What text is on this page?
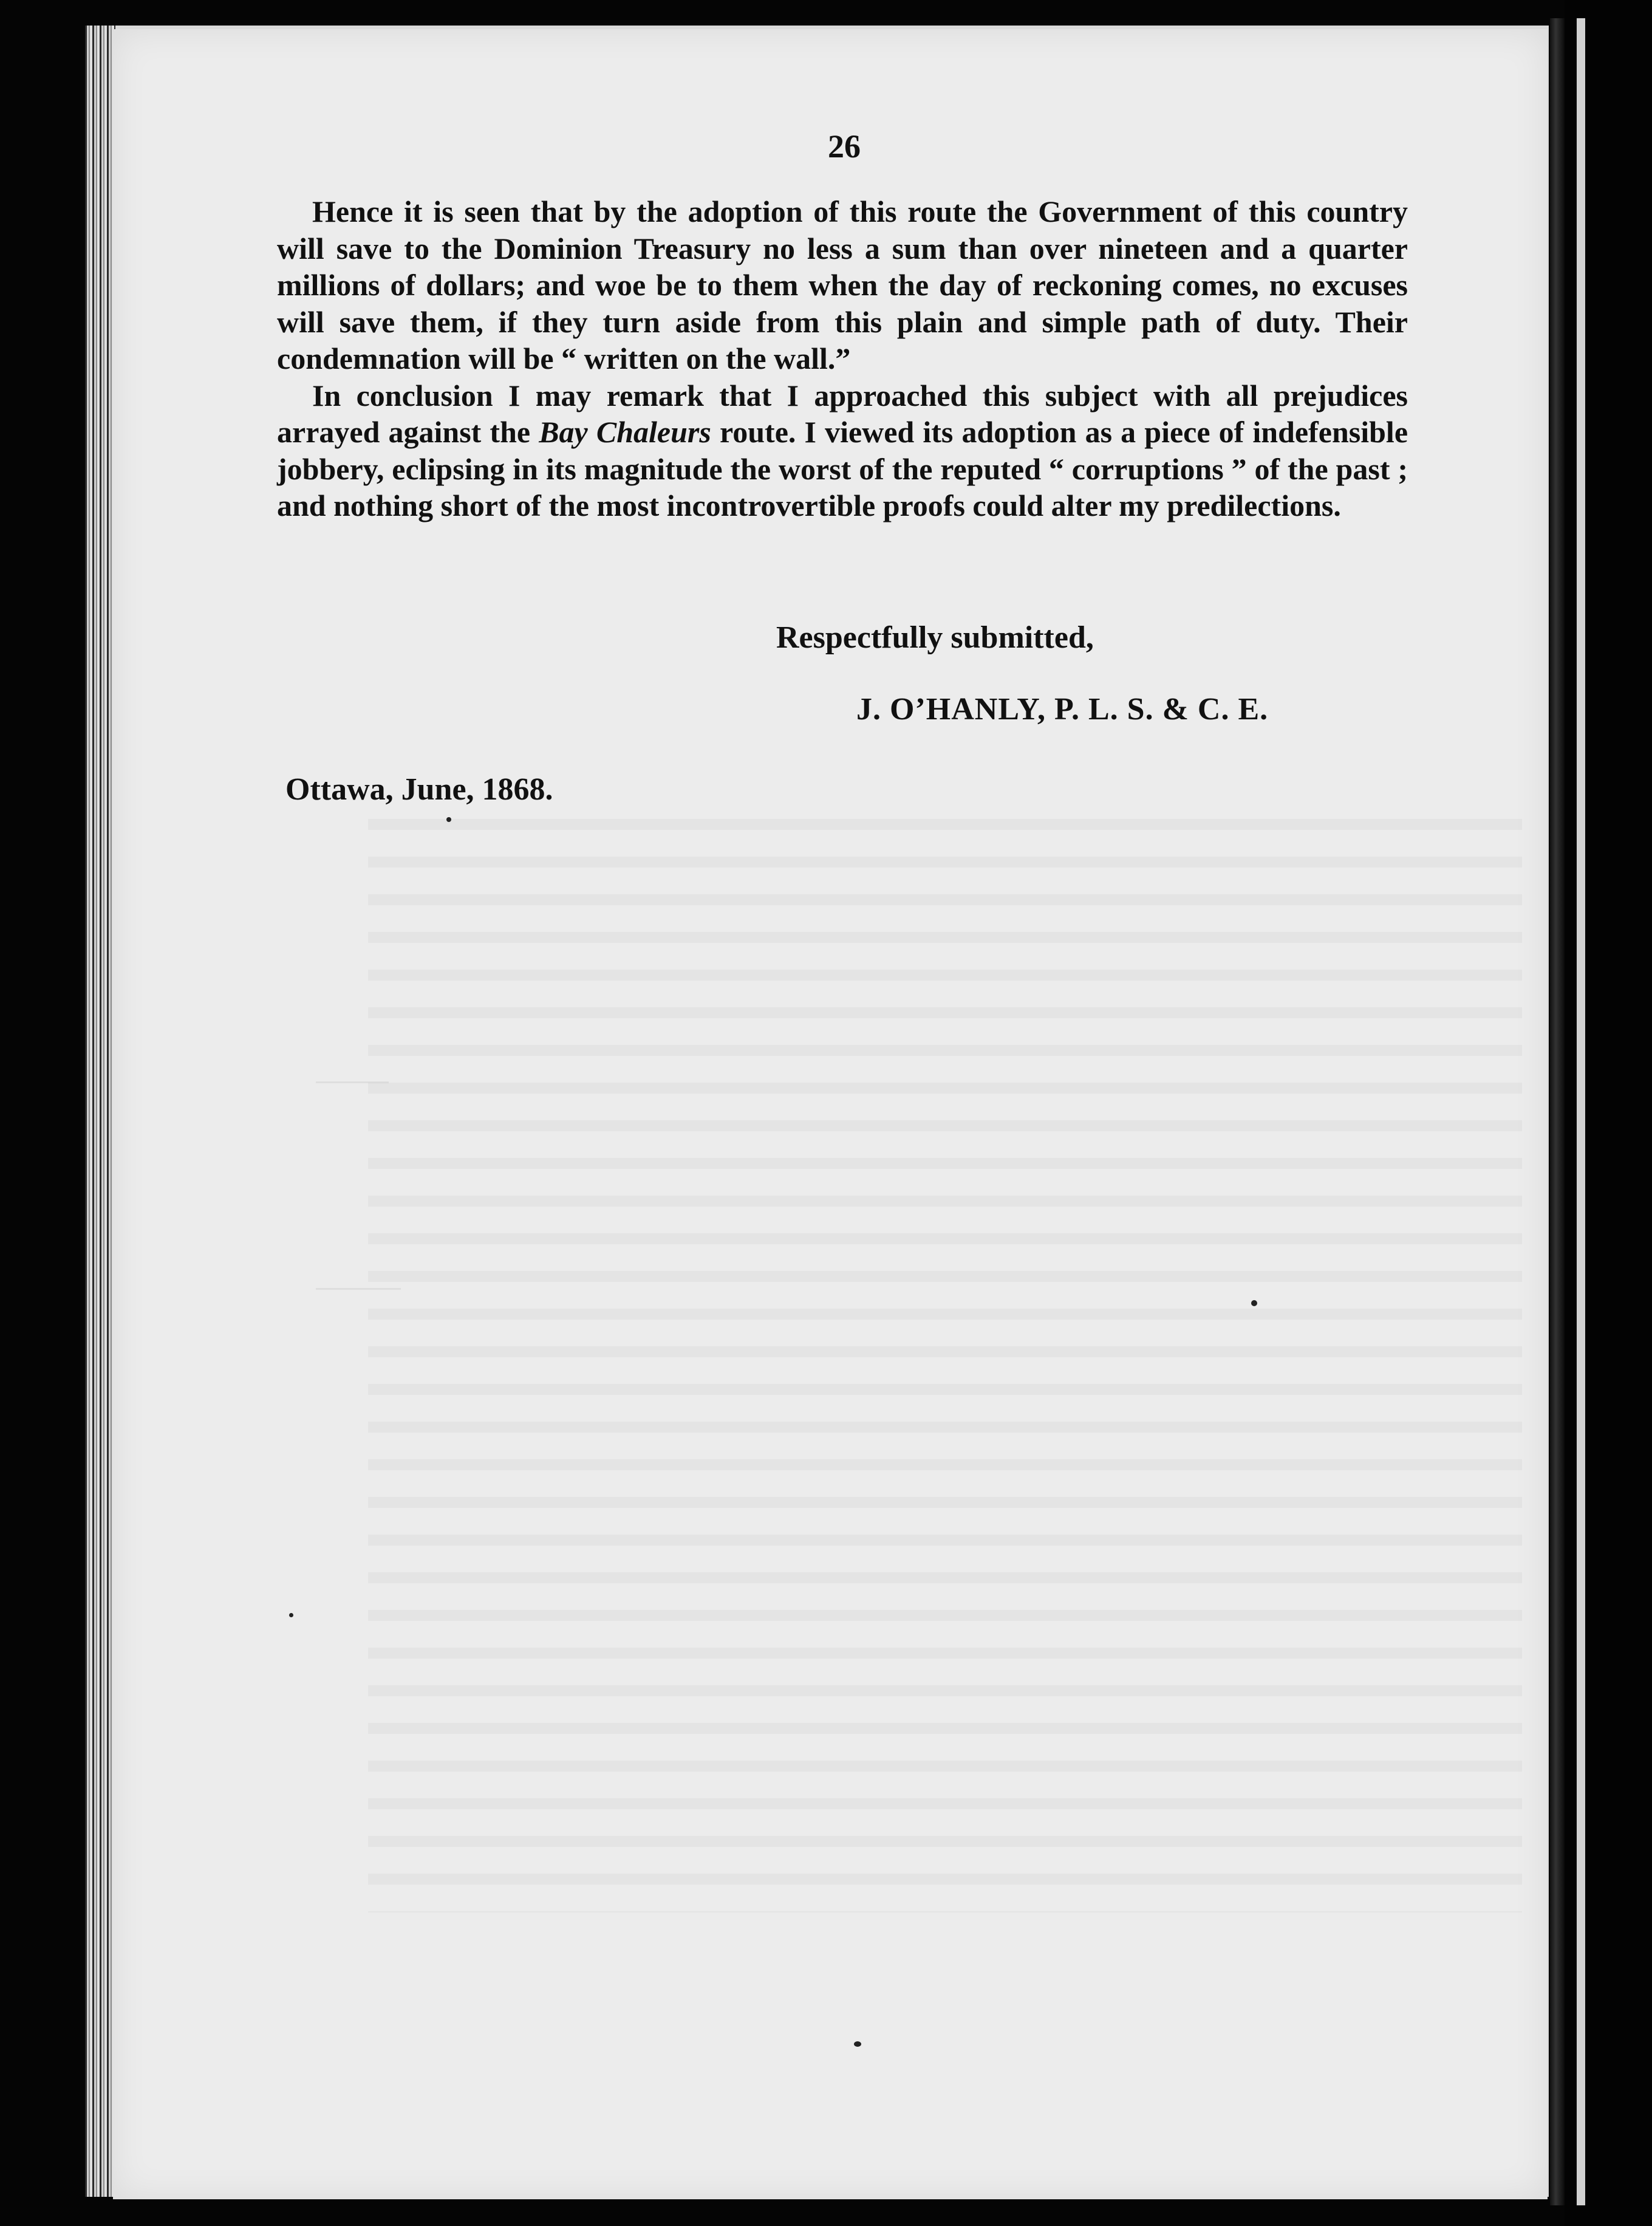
26

Hence it is seen that by the adoption of this route the Government of this country will save to the Dominion Treasury no less a sum than over nineteen and a quarter millions of dollars; and woe be to them when the day of reckoning comes, no excuses will save them, if they turn aside from this plain and simple path of duty. Their condemnation will be “ written on the wall.”

In conclusion I may remark that I approached this subject with all prejudices arrayed against the Bay Chaleurs route. I viewed its adoption as a piece of indefensible jobbery, eclipsing in its magnitude the worst of the reputed “ corruptions ” of the past ; and nothing short of the most incontrovertible proofs could alter my predilections.

Respectfully submitted,
J. O’HANLY, P. L. S. & C. E.
Ottawa, June, 1868.
